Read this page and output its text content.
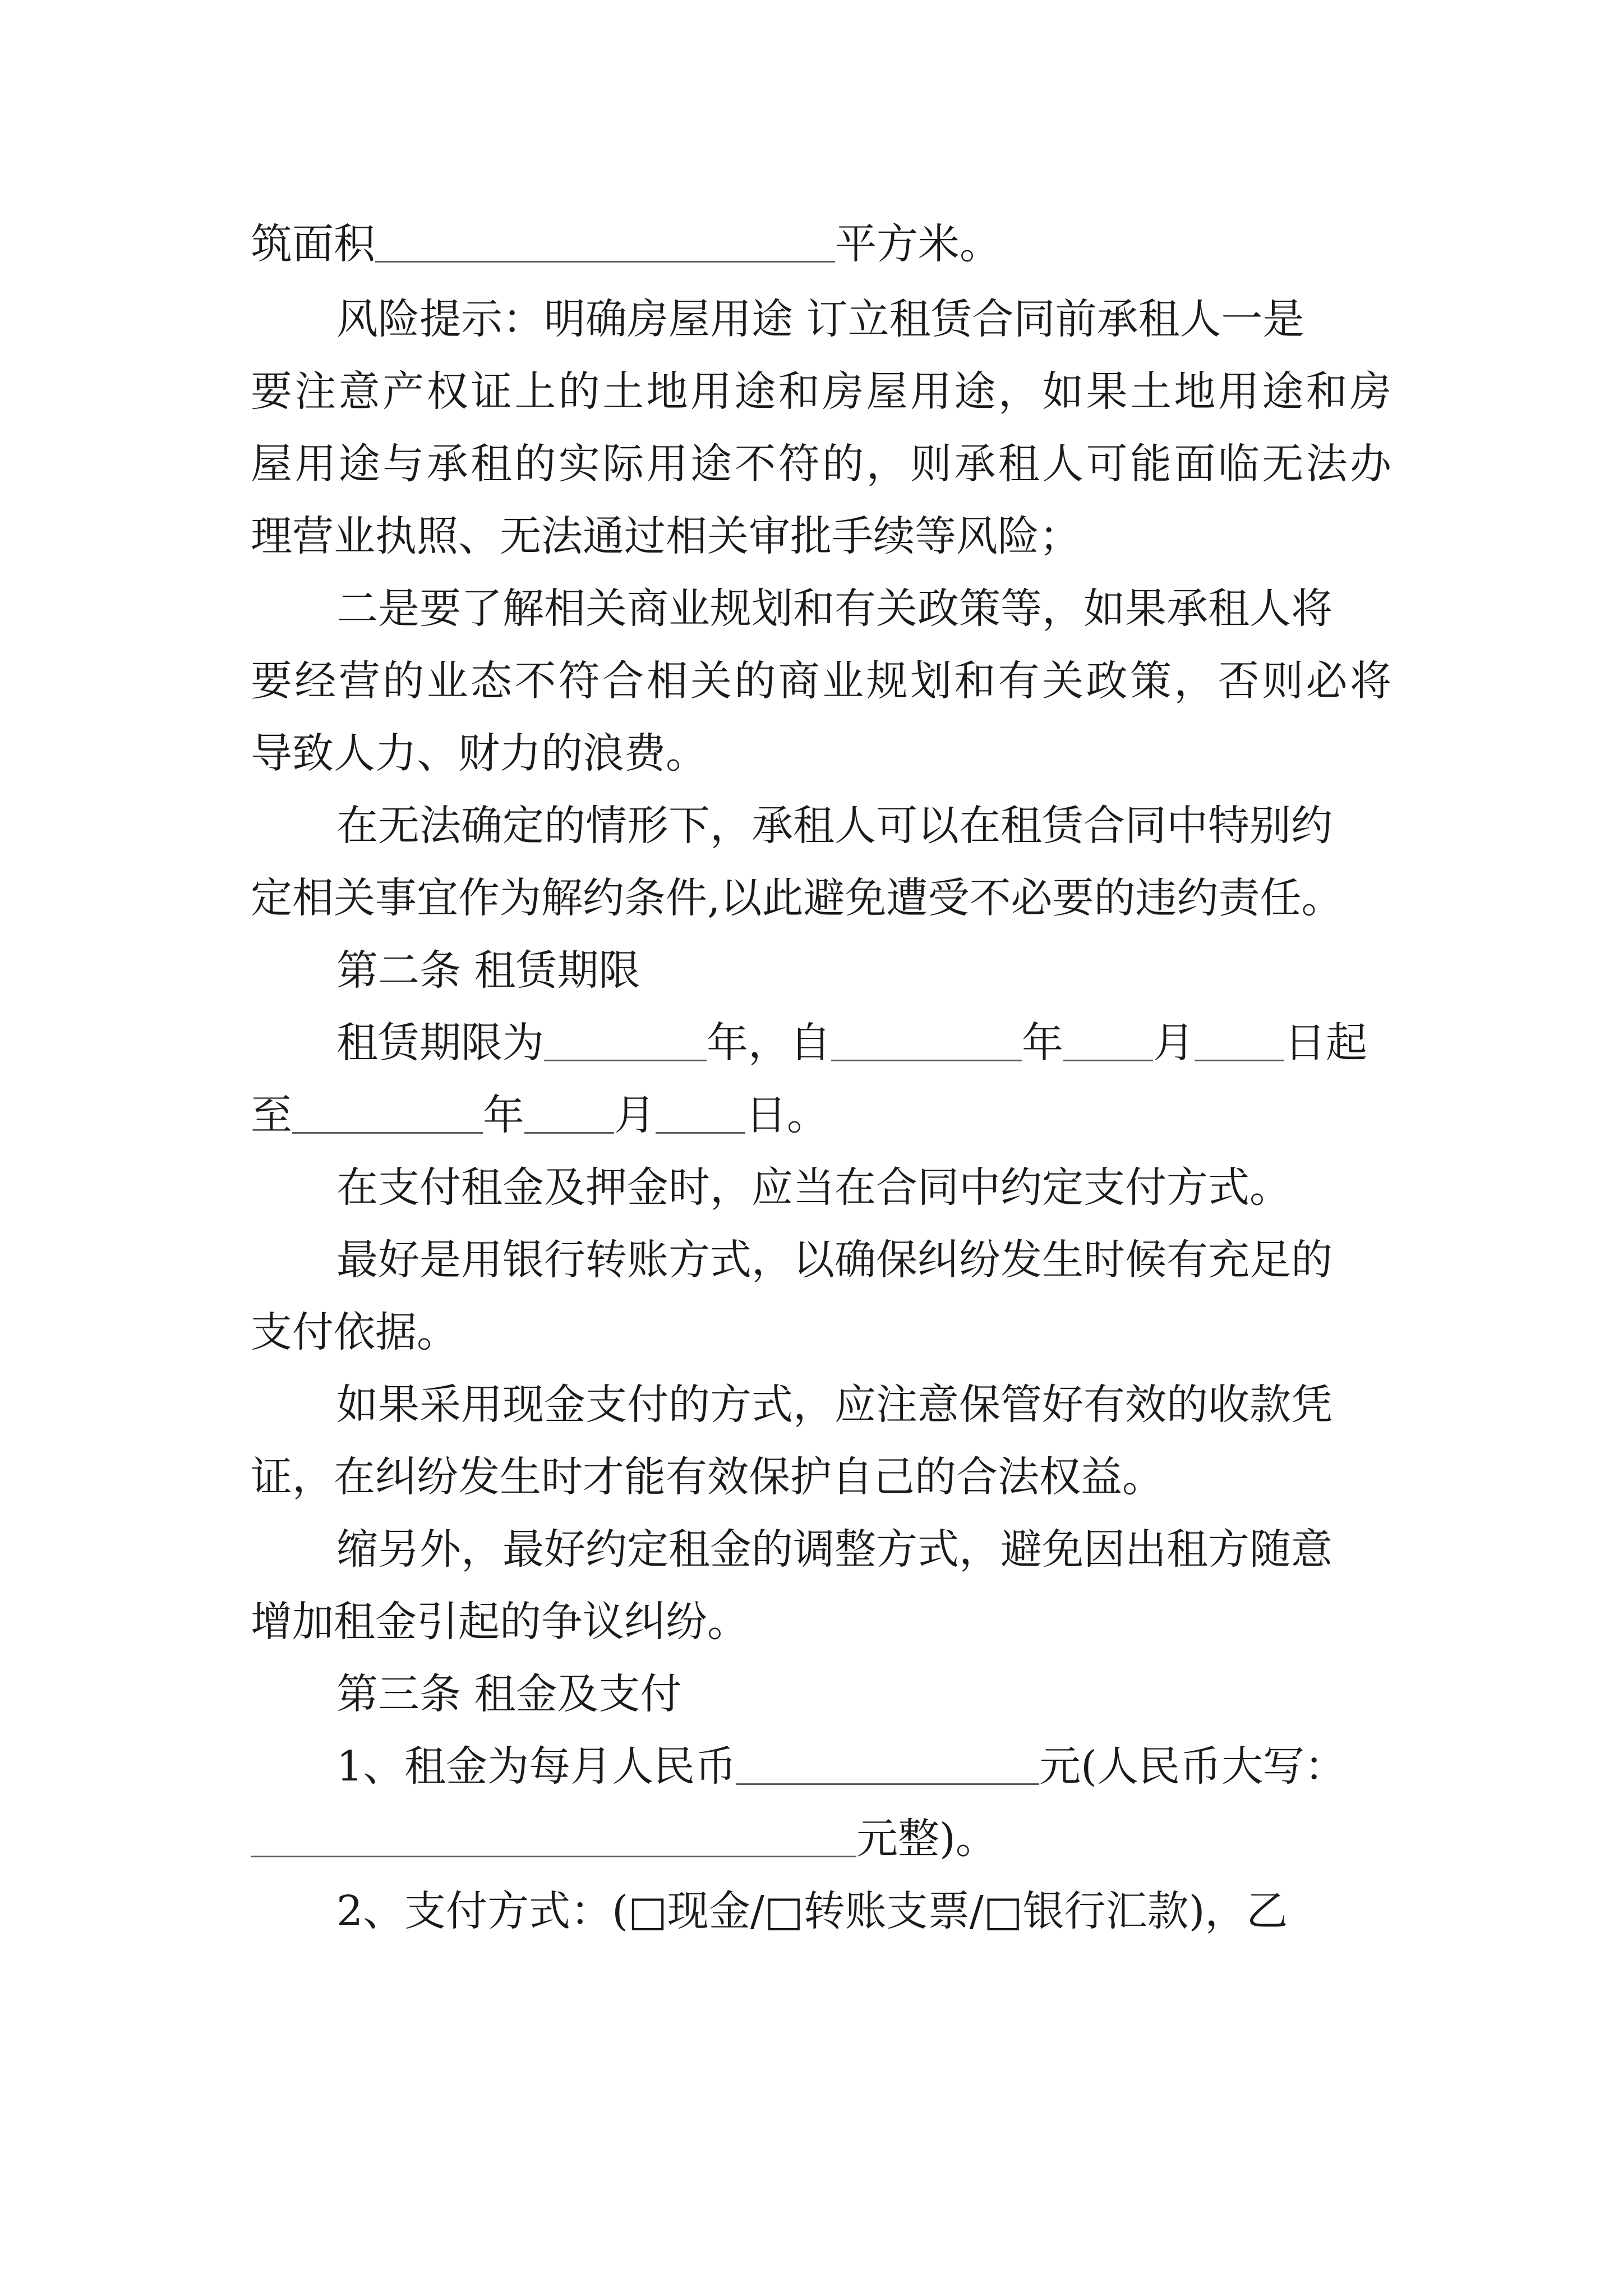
筑面积	平方米。
风险提示：明确房屋用途 订立租赁合同前承租人一是
要注意产权证上的土地用途和房屋用途，如果土地用途和房
屋用途与承租的实际用途不符的，则承租人可能面临无法办
理营业执照、无法通过相关审批手续等风险；
二是要了解相关商业规划和有关政策等，如果承租人将
要经营的业态不符合相关的商业规划和有关政策，否则必将
导致人力、财力的浪费。
在无法确定的情形下，承租人可以在租赁合同中特别约
定相关事宜作为解约条件,以此避免遭受不必要的违约责任。
第二条 租赁期限
租赁期限为	年，自	年 月 日起
至	年 月 日。
在支付租金及押金时，应当在合同中约定支付方式。
最好是用银行转账方式，以确保纠纷发生时候有充足的
支付依据。
如果采用现金支付的方式，应注意保管好有效的收款凭
证，在纠纷发生时才能有效保护自己的合法权益。
缩另外，最好约定租金的调整方式，避免因出租方随意
增加租金引起的争议纠纷。
第三条 租金及支付
1、租金为每月人民币	元(人民币大写：
元整)。
2、支付方式：(□现金/□转账支票/□银行汇款)，乙
